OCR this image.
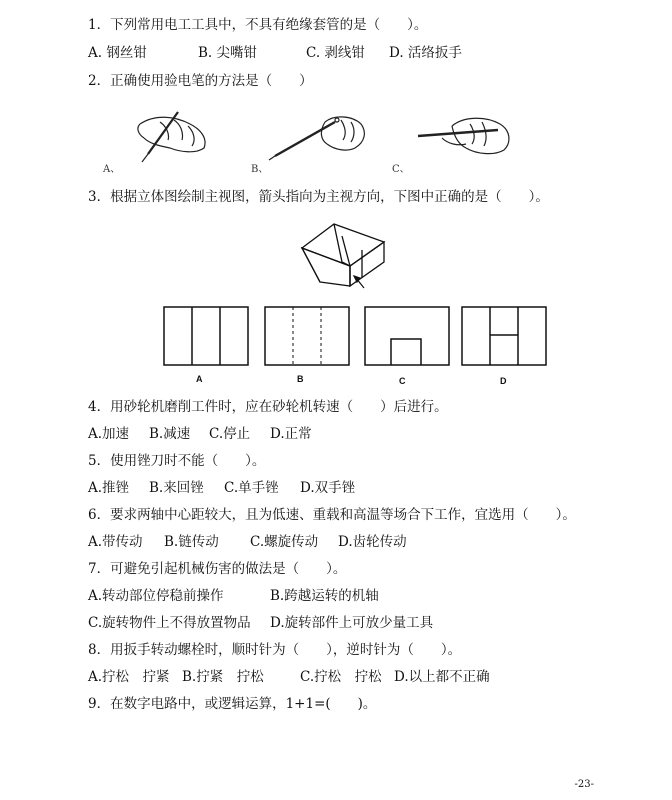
1．下列常用电工工具中，不具有绝缘套管的是（　　）。
A. 钢丝钳	B. 尖嘴钳	C. 剥线钳 D. 活络扳手
2．正确使用验电笔的方法是（　　）
A、	B、	C、
3．根据立体图绘制主视图，箭头指向为主视方向，下图中正确的是（　　）。
A	B	C	D
4．用砂轮机磨削工件时，应在砂轮机转速（　　）后进行。
A.加速 B.减速 C.停止 D.正常
5．使用锉刀时不能（　　）。
A.推锉 B.来回锉 C.单手锉 D.双手锉
6．要求两轴中心距较大，且为低速、重载和高温等场合下工作，宜选用（　　）。
A.带传动 B.链传动 C.螺旋传动 D.齿轮传动
7．可避免引起机械伤害的做法是（　　）。
A.转动部位停稳前操作	B.跨越运转的机轴
C.旋转物件上不得放置物品 D.旋转部件上可放少量工具
8．用扳手转动螺栓时，顺时针为（　　），逆时针为（　　）。
A.拧松　拧紧 B.拧紧　拧松	C.拧松　拧松 D.以上都不正确
9．在数字电路中，或逻辑运算，1+1=(　　)。
-23-
